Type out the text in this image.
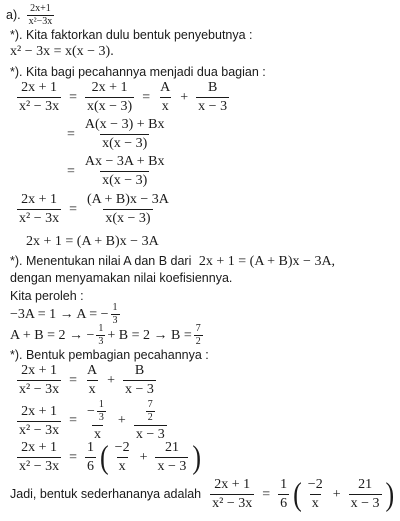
a). $\frac{2x+1}{\text{x²−3x}}$
*). Kita faktorkan dulu bentuk penyebutnya :
x² − 3x = x(x − 3).
*). Kita bagi pecahannya menjadi dua bagian :
$\frac{2x + 1}{\text{x² − 3x}} = \frac{2x + 1}{x(x - 3)} = \frac{A}{x} + \frac{B}{x - 3}$
= $\frac{A(x - 3) + Bx}{x(x - 3)}$
= $\frac{Ax - 3A + Bx}{x(x - 3)}$
$\frac{2x + 1}{\text{x² − 3x}} = \frac{(A + B)x - 3A}{x(x - 3)}$
2x + 1 = (A + B)x − 3A
*). Menentukan nilai A dan B dari 2x + 1 = (A + B)x − 3A,
dengan menyamakan nilai koefisiennya.
Kita peroleh :
−3A = 1 → A = − $\frac{1}{3}$
A + B = 2 → − $\frac{1}{3} + B = 2 \to B = \frac{7}{2}$
*). Bentuk pembagian pecahannya :
$\frac{2x + 1}{\text{x² − 3x}} = \frac{A}{x} + \frac{B}{x - 3}$
$\frac{2x + 1}{\text{x² − 3x}} = \frac{- \frac{1}{3}}{x} + \frac{\frac{7}{2}}{x - 3}$
$\frac{2x + 1}{\text{x² − 3x}} = \frac{1}{6}$ ( $\frac{-2}{x} + \frac{21}{x - 3}$ )
Jadi, bentuk sederhananya adalah $\frac{2x + 1}{\text{x² − 3x}} = \frac{1}{6}$ ( $\frac{-2}{x} + \frac{21}{x - 3}$ )
